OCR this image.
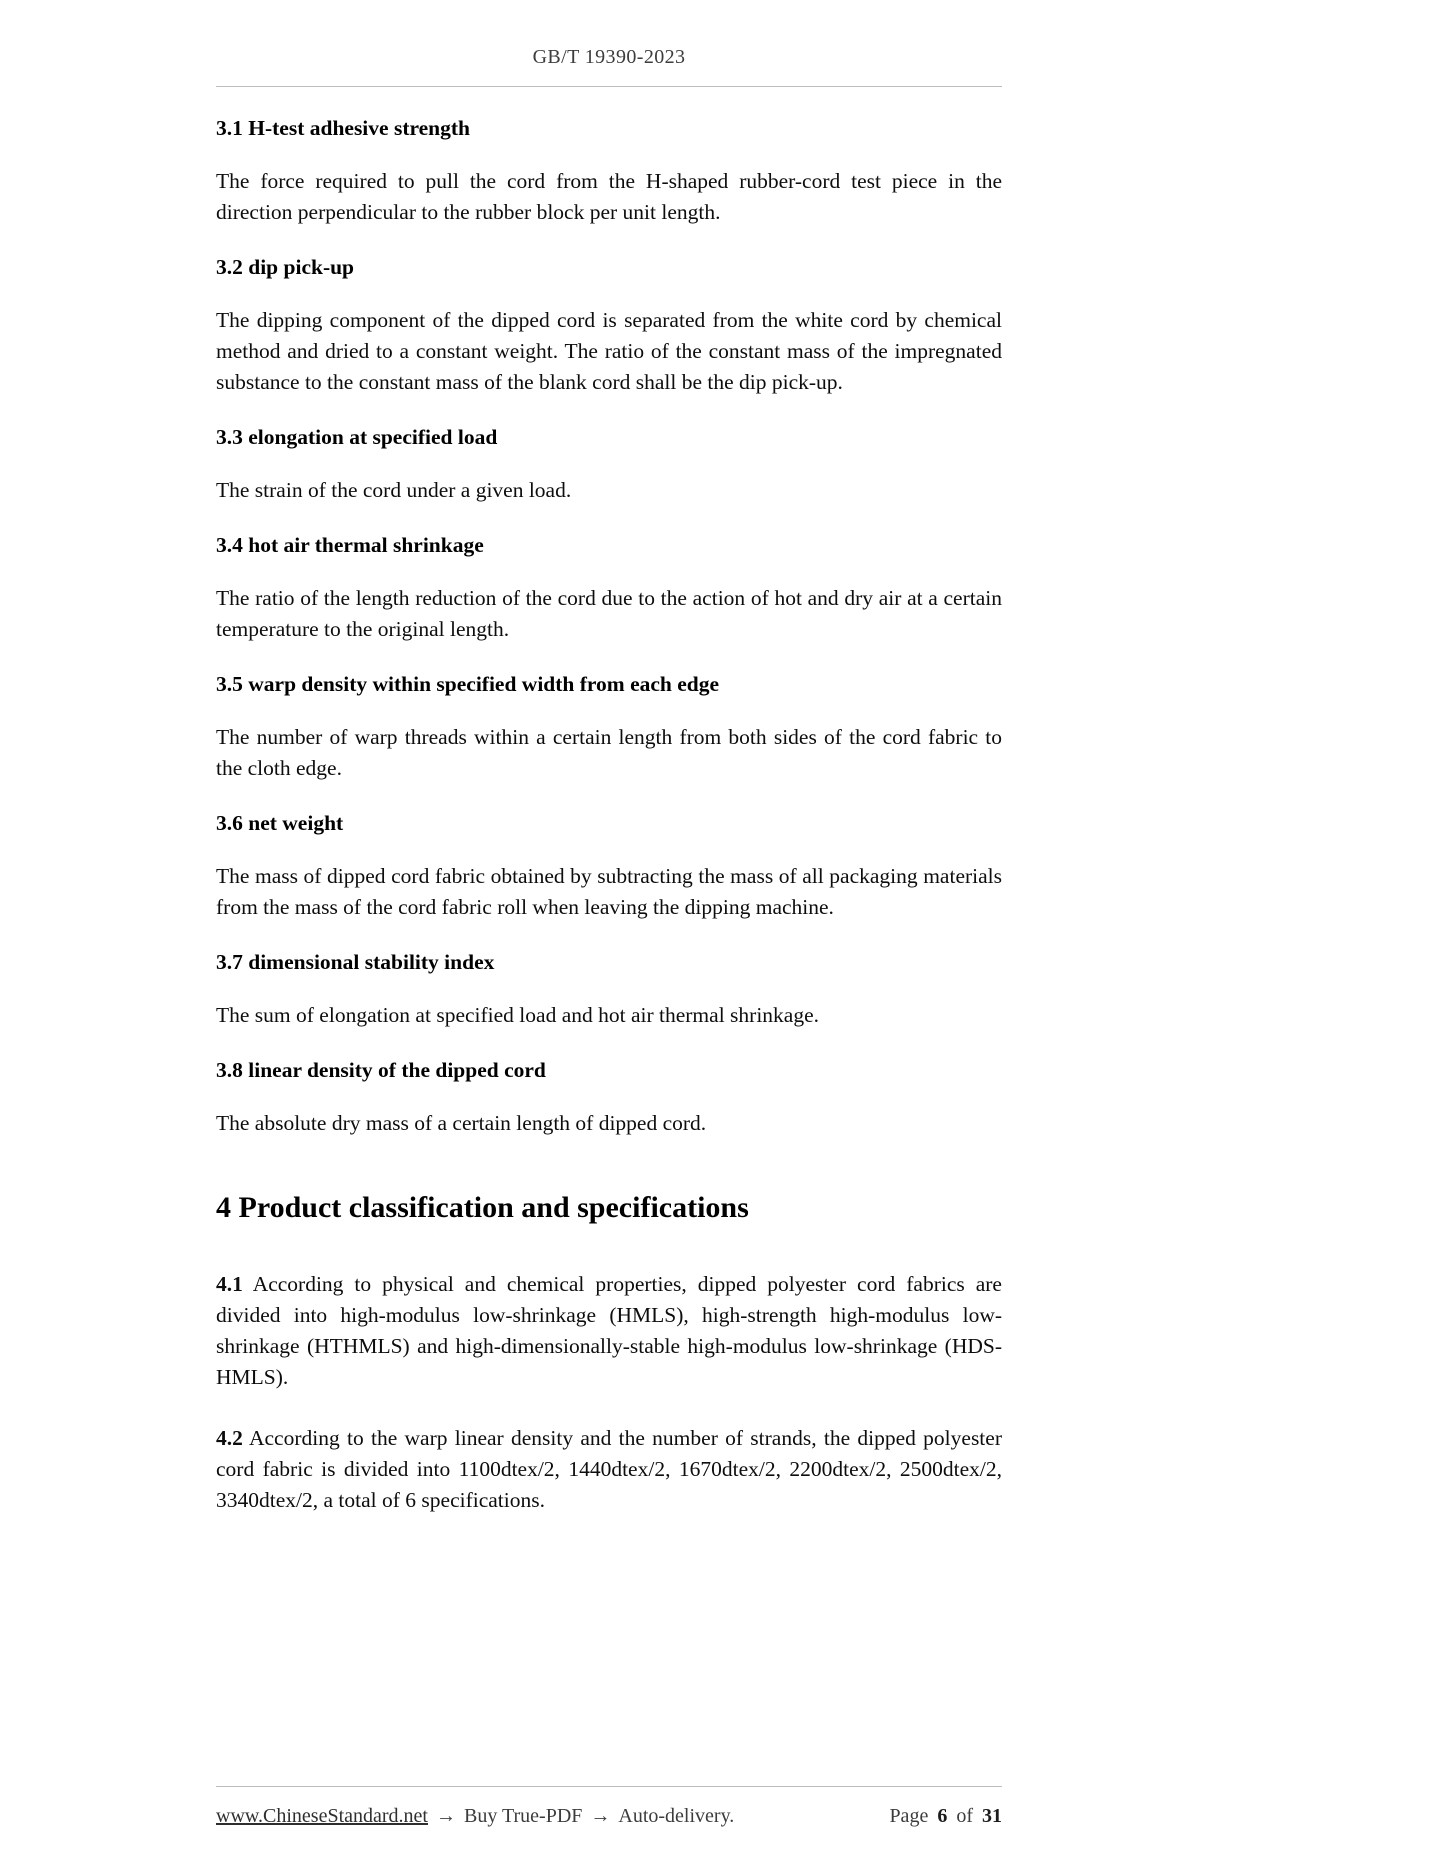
GB/T 19390-2023
3.1 H-test adhesive strength

The force required to pull the cord from the H-shaped rubber-cord test piece in the direction perpendicular to the rubber block per unit length.

3.2 dip pick-up

The dipping component of the dipped cord is separated from the white cord by chemical method and dried to a constant weight. The ratio of the constant mass of the impregnated substance to the constant mass of the blank cord shall be the dip pick-up.

3.3 elongation at specified load

The strain of the cord under a given load.

3.4 hot air thermal shrinkage

The ratio of the length reduction of the cord due to the action of hot and dry air at a certain temperature to the original length.

3.5 warp density within specified width from each edge

The number of warp threads within a certain length from both sides of the cord fabric to the cloth edge.

3.6 net weight

The mass of dipped cord fabric obtained by subtracting the mass of all packaging materials from the mass of the cord fabric roll when leaving the dipping machine.

3.7 dimensional stability index

The sum of elongation at specified load and hot air thermal shrinkage.

3.8 linear density of the dipped cord

The absolute dry mass of a certain length of dipped cord.

4 Product classification and specifications

4.1 According to physical and chemical properties, dipped polyester cord fabrics are divided into high-modulus low-shrinkage (HMLS), high-strength high-modulus low-shrinkage (HTHMLS) and high-dimensionally-stable high-modulus low-shrinkage (HDS-HMLS).

4.2 According to the warp linear density and the number of strands, the dipped polyester cord fabric is divided into 1100dtex/2, 1440dtex/2, 1670dtex/2, 2200dtex/2, 2500dtex/2, 3340dtex/2, a total of 6 specifications.

www.ChineseStandard.net → Buy True-PDF → Auto-delivery.	Page 6 of 31
